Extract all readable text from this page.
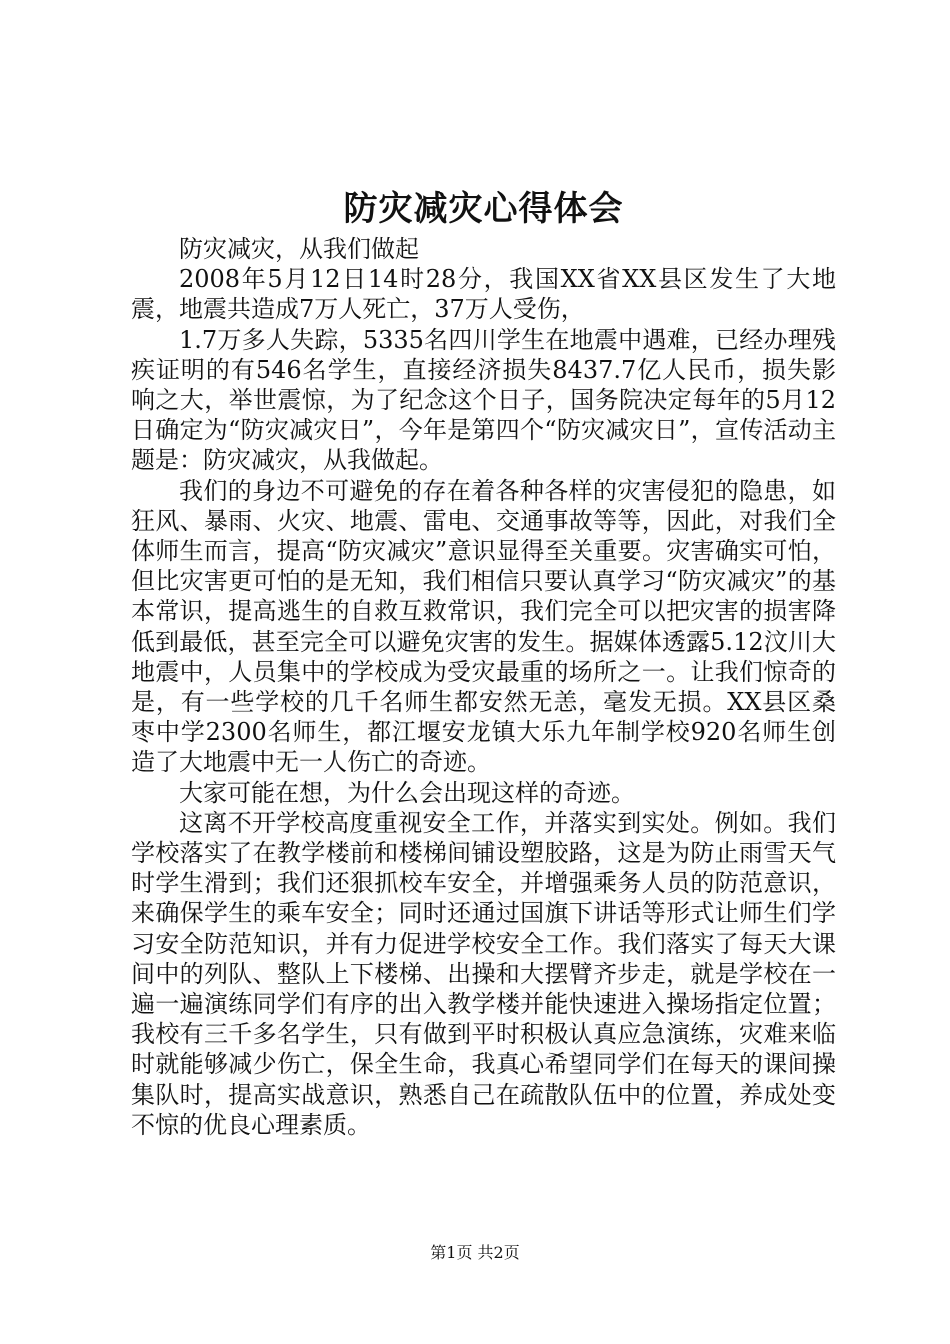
防灾减灾心得体会

防灾减灾，从我们做起

2008年5月12日14时28分，我国XX省XX县区发生了大地震，地震共造成7万人死亡，37万人受伤，

1.7万多人失踪，5335名四川学生在地震中遇难，已经办理残疾证明的有546名学生，直接经济损失8437.7亿人民币，损失影响之大，举世震惊，为了纪念这个日子，国务院决定每年的5月12日确定为“防灾减灾日”，今年是第四个“防灾减灾日”，宣传活动主题是：防灾减灾，从我做起。

我们的身边不可避免的存在着各种各样的灾害侵犯的隐患，如狂风、暴雨、火灾、地震、雷电、交通事故等等，因此，对我们全体师生而言，提高“防灾减灾”意识显得至关重要。灾害确实可怕，但比灾害更可怕的是无知，我们相信只要认真学习“防灾减灾”的基本常识，提高逃生的自救互救常识，我们完全可以把灾害的损害降低到最低，甚至完全可以避免灾害的发生。据媒体透露5.12汶川大地震中，人员集中的学校成为受灾最重的场所之一。让我们惊奇的是，有一些学校的几千名师生都安然无恙，毫发无损。XX县区桑枣中学2300名师生，都江堰安龙镇大乐九年制学校920名师生创造了大地震中无一人伤亡的奇迹。

大家可能在想，为什么会出现这样的奇迹。

这离不开学校高度重视安全工作，并落实到实处。例如。我们学校落实了在教学楼前和楼梯间铺设塑胶路，这是为防止雨雪天气时学生滑到；我们还狠抓校车安全，并增强乘务人员的防范意识，来确保学生的乘车安全；同时还通过国旗下讲话等形式让师生们学习安全防范知识，并有力促进学校安全工作。我们落实了每天大课间中的列队、整队上下楼梯、出操和大摆臂齐步走，就是学校在一遍一遍演练同学们有序的出入教学楼并能快速进入操场指定位置；我校有三千多名学生，只有做到平时积极认真应急演练，灾难来临时就能够减少伤亡，保全生命，我真心希望同学们在每天的课间操集队时，提高实战意识，熟悉自己在疏散队伍中的位置，养成处变不惊的优良心理素质。

第1页 共2页
